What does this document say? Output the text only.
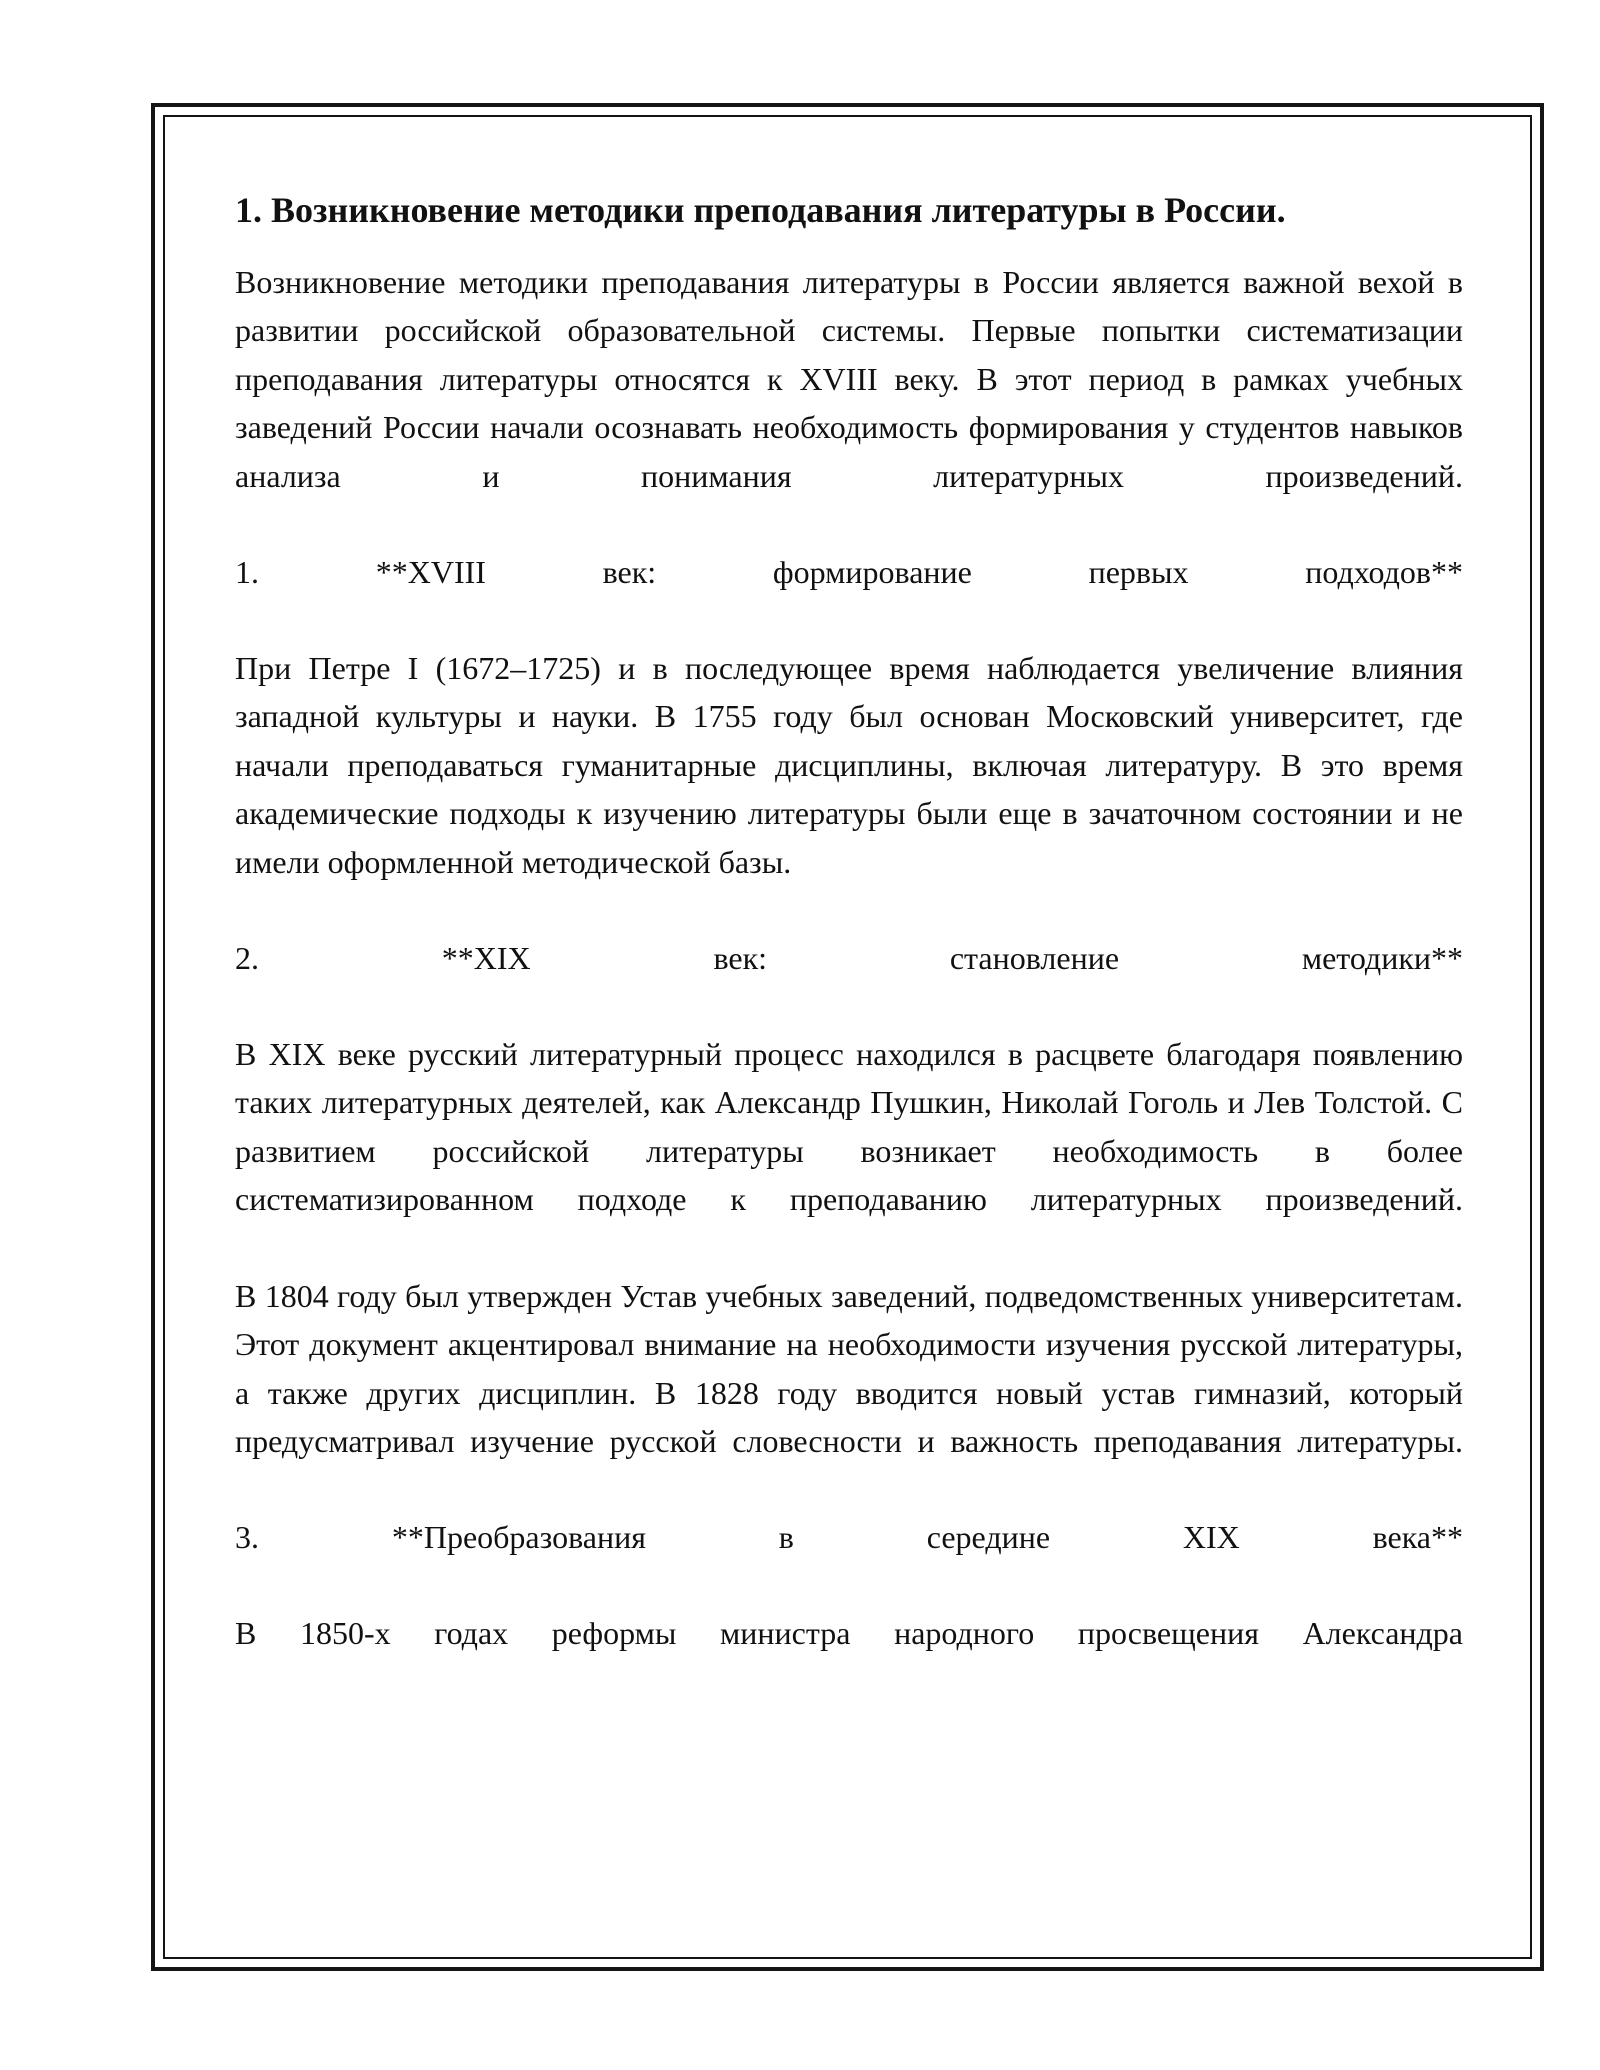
1. Возникновение методики преподавания литературы в России.

Возникновение методики преподавания литературы в России является важной вехой в развитии российской образовательной системы. Первые попытки систематизации преподавания литературы относятся к XVIII веку. В этот период в рамках учебных заведений России начали осознавать необходимость формирования у студентов навыков анализа и понимания литературных произведений.

1. **XVIII век: формирование первых подходов**

При Петре I (1672–1725) и в последующее время наблюдается увеличение влияния западной культуры и науки. В 1755 году был основан Московский университет, где начали преподаваться гуманитарные дисциплины, включая литературу. В это время академические подходы к изучению литературы были еще в зачаточном состоянии и не имели оформленной методической базы.

2. **XIX век: становление методики**

В XIX веке русский литературный процесс находился в расцвете благодаря появлению таких литературных деятелей, как Александр Пушкин, Николай Гоголь и Лев Толстой. С развитием российской литературы возникает необходимость в более систематизированном подходе к преподаванию литературных произведений.

В 1804 году был утвержден Устав учебных заведений, подведомственных университетам. Этот документ акцентировал внимание на необходимости изучения русской литературы, а также других дисциплин. В 1828 году вводится новый устав гимназий, который предусматривал изучение русской словесности и важность преподавания литературы.

3. **Преобразования в середине XIX века**

В 1850-х годах реформы министра народного просвещения Александра
